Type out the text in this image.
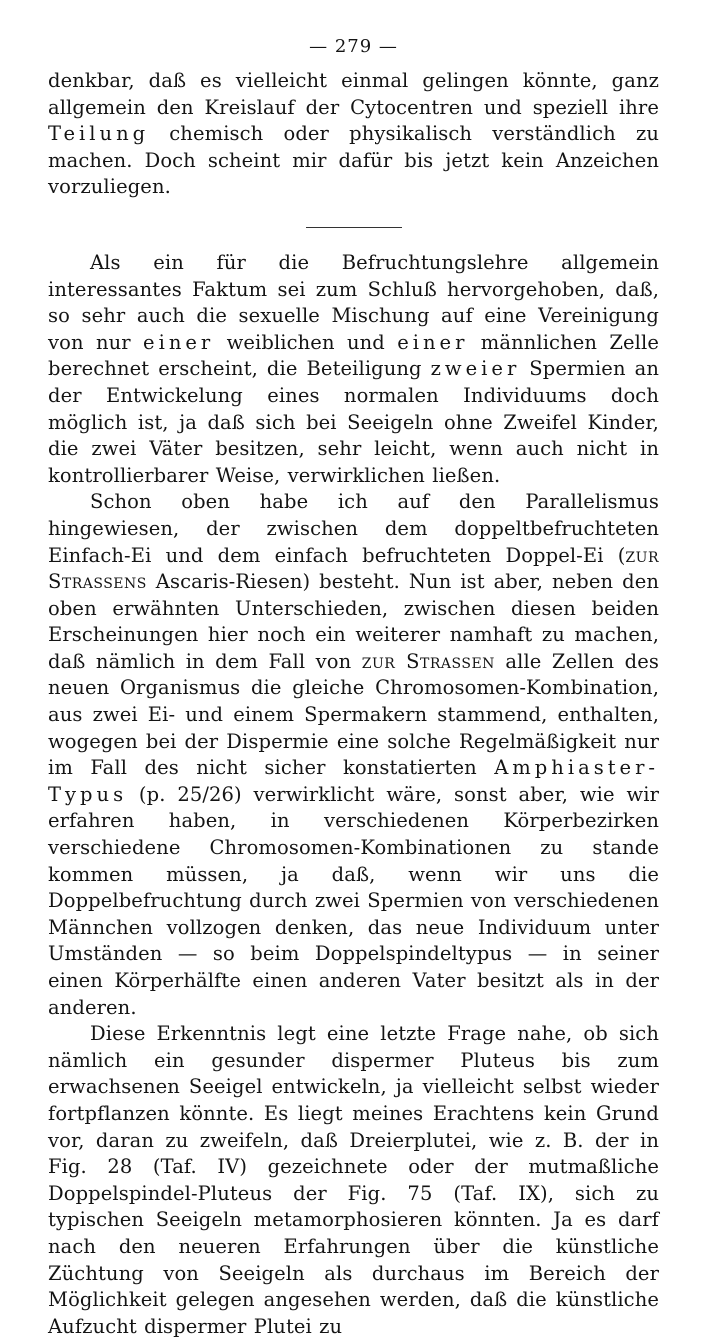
— 279 —

denkbar, daß es vielleicht einmal gelingen könnte, ganz allgemein den Kreislauf der Cytocentren und speziell ihre Teilung chemisch oder physikalisch verständlich zu machen. Doch scheint mir dafür bis jetzt kein Anzeichen vorzuliegen.

Als ein für die Befruchtungslehre allgemein interessantes Faktum sei zum Schluß hervorgehoben, daß, so sehr auch die sexuelle Mischung auf eine Vereinigung von nur einer weiblichen und einer männlichen Zelle berechnet erscheint, die Beteiligung zweier Spermien an der Entwickelung eines normalen Individuums doch möglich ist, ja daß sich bei Seeigeln ohne Zweifel Kinder, die zwei Väter besitzen, sehr leicht, wenn auch nicht in kontrollierbarer Weise, verwirklichen ließen.

Schon oben habe ich auf den Parallelismus hingewiesen, der zwischen dem doppeltbefruchteten Einfach-Ei und dem einfach befruchteten Doppel-Ei (zur Strassens Ascaris-Riesen) besteht. Nun ist aber, neben den oben erwähnten Unterschieden, zwischen diesen beiden Erscheinungen hier noch ein weiterer namhaft zu machen, daß nämlich in dem Fall von zur Strassen alle Zellen des neuen Organismus die gleiche Chromosomen-Kombination, aus zwei Ei- und einem Spermakern stammend, enthalten, wogegen bei der Dispermie eine solche Regelmäßigkeit nur im Fall des nicht sicher konstatierten Amphiaster-Typus (p. 25/26) verwirklicht wäre, sonst aber, wie wir erfahren haben, in verschiedenen Körperbezirken verschiedene Chromosomen-Kombinationen zu stande kommen müssen, ja daß, wenn wir uns die Doppelbefruchtung durch zwei Spermien von verschiedenen Männchen vollzogen denken, das neue Individuum unter Umständen — so beim Doppelspindeltypus — in seiner einen Körperhälfte einen anderen Vater besitzt als in der anderen.

Diese Erkenntnis legt eine letzte Frage nahe, ob sich nämlich ein gesunder dispermer Pluteus bis zum erwachsenen Seeigel entwickeln, ja vielleicht selbst wieder fortpflanzen könnte. Es liegt meines Erachtens kein Grund vor, daran zu zweifeln, daß Dreierplutei, wie z. B. der in Fig. 28 (Taf. IV) gezeichnete oder der mutmaßliche Doppelspindel-Pluteus der Fig. 75 (Taf. IX), sich zu typischen Seeigeln metamorphosieren könnten. Ja es darf nach den neueren Erfahrungen über die künstliche Züchtung von Seeigeln als durchaus im Bereich der Möglichkeit gelegen angesehen werden, daß die künstliche Aufzucht dispermer Plutei zu
